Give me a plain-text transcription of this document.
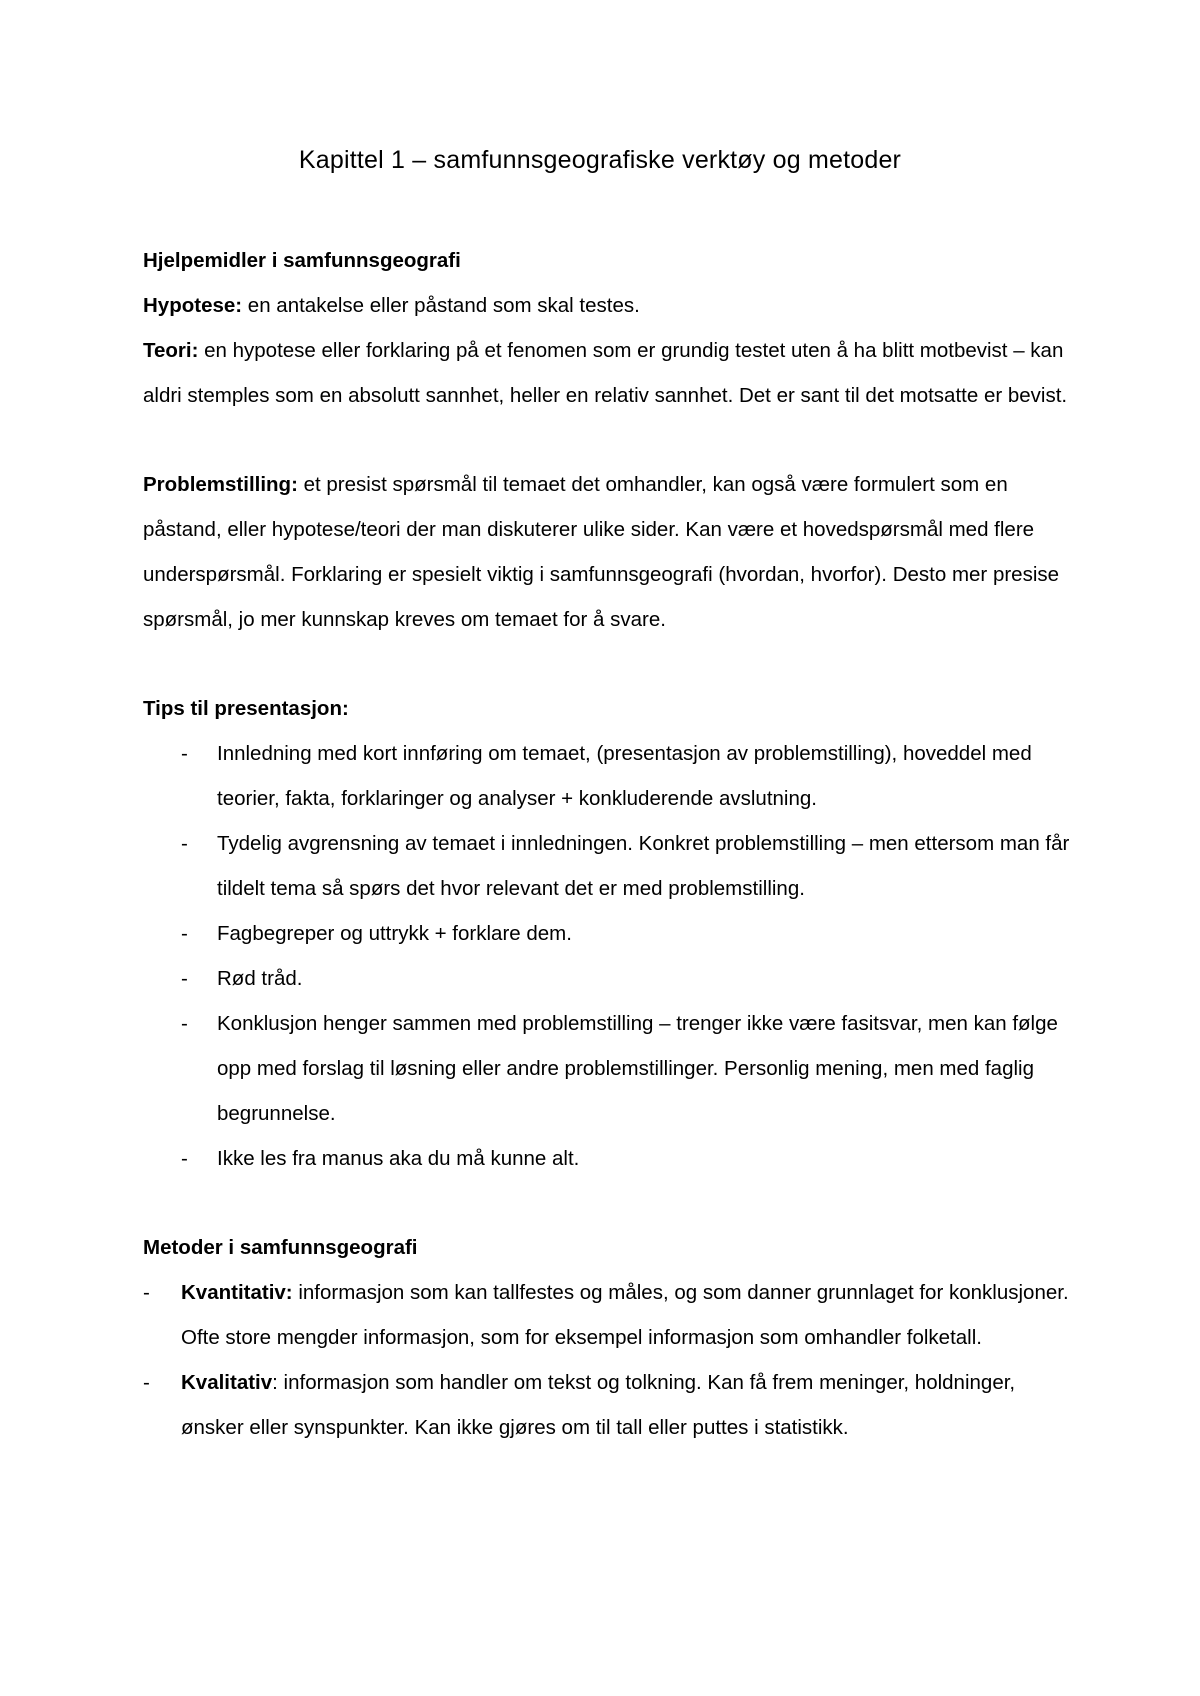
Kapittel 1 – samfunnsgeografiske verktøy og metoder

Hjelpemidler i samfunnsgeografi

Hypotese: en antakelse eller påstand som skal testes.

Teori: en hypotese eller forklaring på et fenomen som er grundig testet uten å ha blitt motbevist – kan aldri stemples som en absolutt sannhet, heller en relativ sannhet. Det er sant til det motsatte er bevist.

Problemstilling: et presist spørsmål til temaet det omhandler, kan også være formulert som en påstand, eller hypotese/teori der man diskuterer ulike sider. Kan være et hovedspørsmål med flere underspørsmål. Forklaring er spesielt viktig i samfunnsgeografi (hvordan, hvorfor). Desto mer presise spørsmål, jo mer kunnskap kreves om temaet for å svare.

Tips til presentasjon:

- Innledning med kort innføring om temaet, (presentasjon av problemstilling), hoveddel med teorier, fakta, forklaringer og analyser + konkluderende avslutning.
- Tydelig avgrensning av temaet i innledningen. Konkret problemstilling – men ettersom man får tildelt tema så spørs det hvor relevant det er med problemstilling.
- Fagbegreper og uttrykk + forklare dem.
- Rød tråd.
- Konklusjon henger sammen med problemstilling – trenger ikke være fasitsvar, men kan følge opp med forslag til løsning eller andre problemstillinger. Personlig mening, men med faglig begrunnelse.
- Ikke les fra manus aka du må kunne alt.

Metoder i samfunnsgeografi

- Kvantitativ: informasjon som kan tallfestes og måles, og som danner grunnlaget for konklusjoner. Ofte store mengder informasjon, som for eksempel informasjon som omhandler folketall.
- Kvalitativ: informasjon som handler om tekst og tolkning. Kan få frem meninger, holdninger, ønsker eller synspunkter. Kan ikke gjøres om til tall eller puttes i statistikk.
